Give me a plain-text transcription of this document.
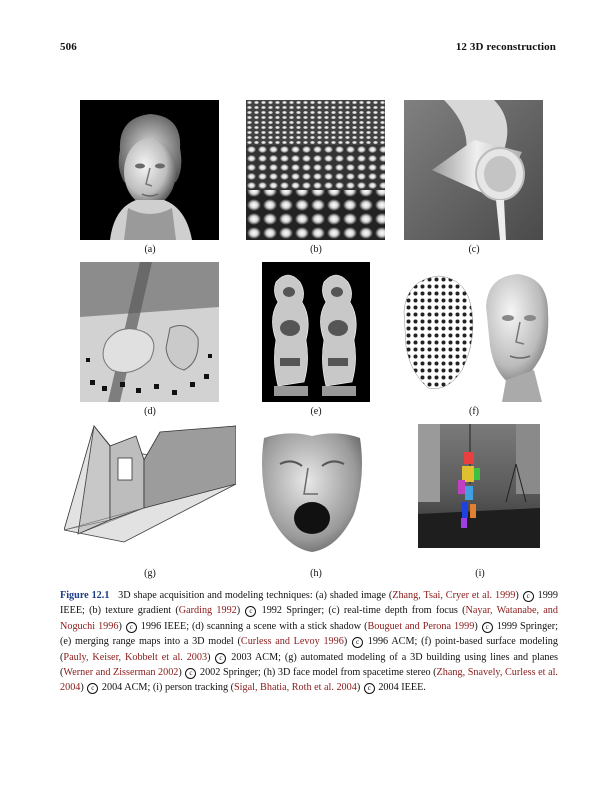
506	12 3D reconstruction
(a)	(b)	(c)
(d)	(e)	(f)
(g)	(h)	(i)
Figure 12.1 3D shape acquisition and modeling techniques: (a) shaded image (Zhang, Tsai, Cryer et al. 1999) c 1999 IEEE; (b) texture gradient (Garding 1992) c 1992 Springer; (c) real-time depth from focus (Nayar, Watanabe, and Noguchi 1996) c 1996 IEEE; (d) scanning a scene with a stick shadow (Bouguet and Perona 1999) c 1999 Springer; (e) merging range maps into a 3D model (Curless and Levoy 1996) c 1996 ACM; (f) point-based surface modeling (Pauly, Keiser, Kobbelt et al. 2003) c 2003 ACM; (g) automated modeling of a 3D building using lines and planes (Werner and Zisserman 2002) c 2002 Springer; (h) 3D face model from spacetime stereo (Zhang, Snavely, Curless et al. 2004) c 2004 ACM; (i) person tracking (Sigal, Bhatia, Roth et al. 2004) c 2004 IEEE.
